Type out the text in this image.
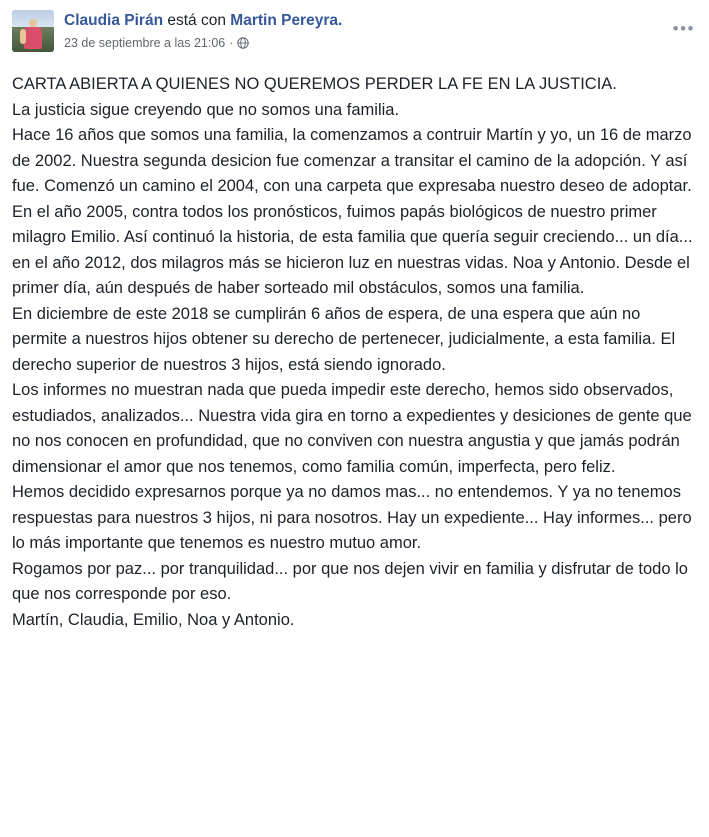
Claudia Pirán está con Martin Pereyra.
23 de septiembre a las 21:06 ·
•••

CARTA ABIERTA A QUIENES NO QUEREMOS PERDER LA FE EN LA JUSTICIA.

La justicia sigue creyendo que no somos una familia.

Hace 16 años que somos una familia, la comenzamos a contruir Martín y yo, un 16 de marzo de 2002. Nuestra segunda desicion fue comenzar a transitar el camino de la adopción. Y así fue. Comenzó un camino el 2004, con una carpeta que expresaba nuestro deseo de adoptar. En el año 2005, contra todos los pronósticos, fuimos papás biológicos de nuestro primer milagro Emilio. Así continuó la historia, de esta familia que quería seguir creciendo... un día... en el año 2012, dos milagros más se hicieron luz en nuestras vidas. Noa y Antonio. Desde el primer día, aún después de haber sorteado mil obstáculos, somos una familia.

En diciembre de este 2018 se cumplirán 6 años de espera, de una espera que aún no permite a nuestros hijos obtener su derecho de pertenecer, judicialmente, a esta familia. El derecho superior de nuestros 3 hijos, está siendo ignorado.

Los informes no muestran nada que pueda impedir este derecho, hemos sido observados, estudiados, analizados... Nuestra vida gira en torno a expedientes y desiciones de gente que no nos conocen en profundidad, que no conviven con nuestra angustia y que jamás podrán dimensionar el amor que nos tenemos, como familia común, imperfecta, pero feliz.

Hemos decidido expresarnos porque ya no damos mas... no entendemos. Y ya no tenemos respuestas para nuestros 3 hijos, ni para nosotros. Hay un expediente... Hay informes... pero lo más importante que tenemos es nuestro mutuo amor.

Rogamos por paz... por tranquilidad... por que nos dejen vivir en familia y disfrutar de todo lo que nos corresponde por eso.

Martín, Claudia, Emilio, Noa y Antonio.
